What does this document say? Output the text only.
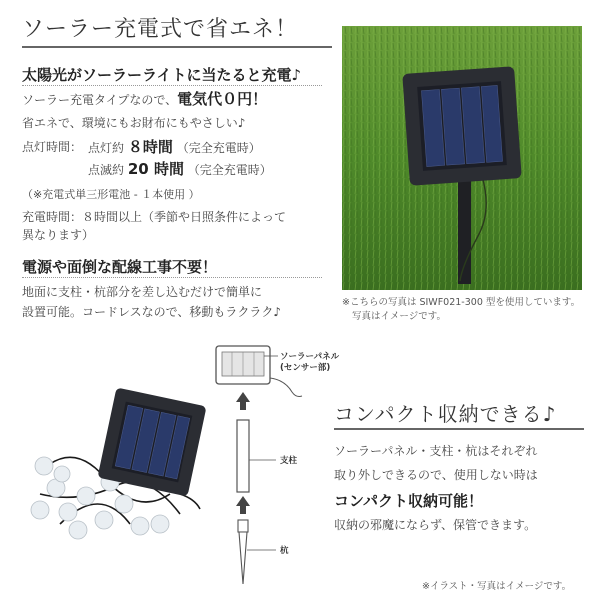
ソーラー充電式で省エネ！
太陽光がソーラーライトに当たると充電♪
ソーラー充電タイプなので、電気代０円！
省エネで、環境にもお財布にもやさしい♪
点灯時間： 点灯約 ８時間 （完全充電時）
点滅約 20 時間 （完全充電時）
（※充電式単三形電池 - １本使用 ）
充電時間：８時間以上（季節や日照条件によって
異なります）
電源や面倒な配線工事不要！
地面に支柱・杭部分を差し込むだけで簡単に
設置可能。コードレスなので、移動もラクラク♪
※こちらの写真は SIWF021-300 型を使用しています。
写真はイメージです。
ソーラーパネル
(センサー部)
支柱
杭
コンパクト収納できる♪
ソーラーパネル・支柱・杭はそれぞれ
取り外しできるので、使用しない時は
コンパクト収納可能！
収納の邪魔にならず、保管できます。
※イラスト・写真はイメージです。
